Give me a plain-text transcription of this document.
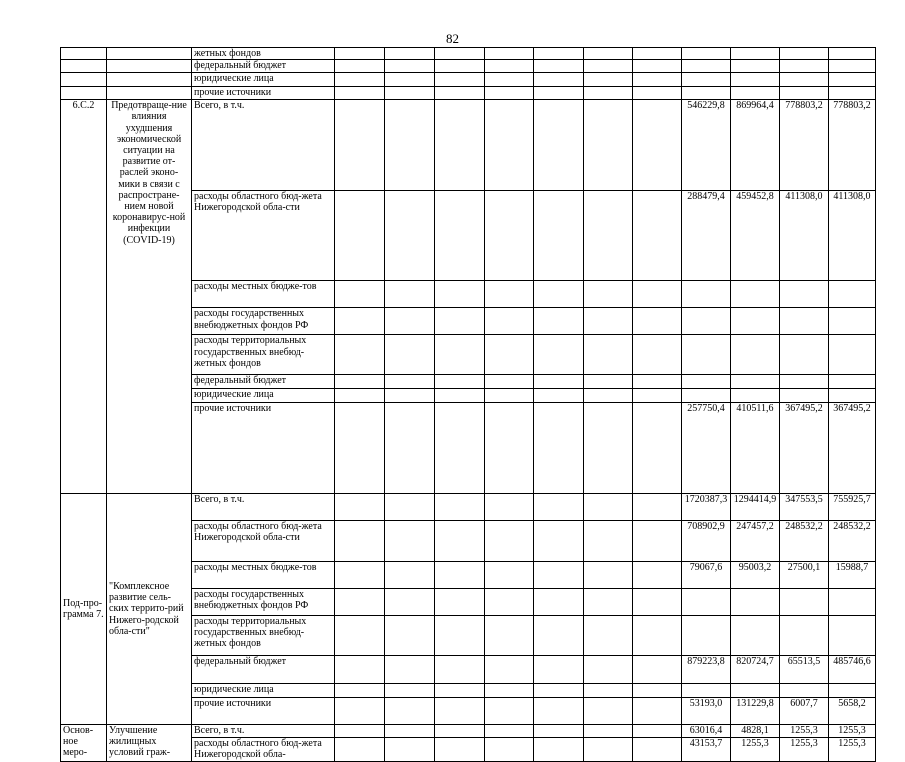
82
		жетных фондов												
		федеральный бюджет												
		юридические лица												
		прочие источники												
6.С.2	Предотвраще-ние влияния ухудшения экономической ситуации на развитие от-раслей эконо-мики в связи с распростране-нием новой коронавирус-ной инфекции (COVID-19)	Всего, в т.ч.								546229,8	869964,4	778803,2	778803,2		
		расходы областного бюд-жета Нижегородской обла-сти								288479,4	459452,8	411308,0	411308,0		
		расходы местных бюдже-тов													
		расходы государственных внебюджетных фондов РФ													
		расходы территориальных государственных внебюд-жетных фондов													
		федеральный бюджет													
		юридические лица													
		прочие источники								257750,4	410511,6	367495,2	367495,2		
Под-про-грамма 7.	"Комплексное развитие сель-ских террито-рий Нижего-родской обла-сти"	Всего, в т.ч.								1720387,3	1294414,9	347553,5	755925,7		
		расходы областного бюд-жета Нижегородской обла-сти								708902,9	247457,2	248532,2	248532,2		
		расходы местных бюдже-тов								79067,6	95003,2	27500,1	15988,7		
		расходы государственных внебюджетных фондов РФ													
		расходы территориальных государственных внебюд-жетных фондов													
		федеральный бюджет								879223,8	820724,7	65513,5	485746,6		
		юридические лица													
		прочие источники								53193,0	131229,8	6007,7	5658,2		
Основ-ное меро-	Улучшение жилищных условий граж-	Всего, в т.ч.								63016,4	4828,1	1255,3	1255,3		
		расходы областного бюд-жета Нижегородской обла-								43153,7	1255,3	1255,3	1255,3		
